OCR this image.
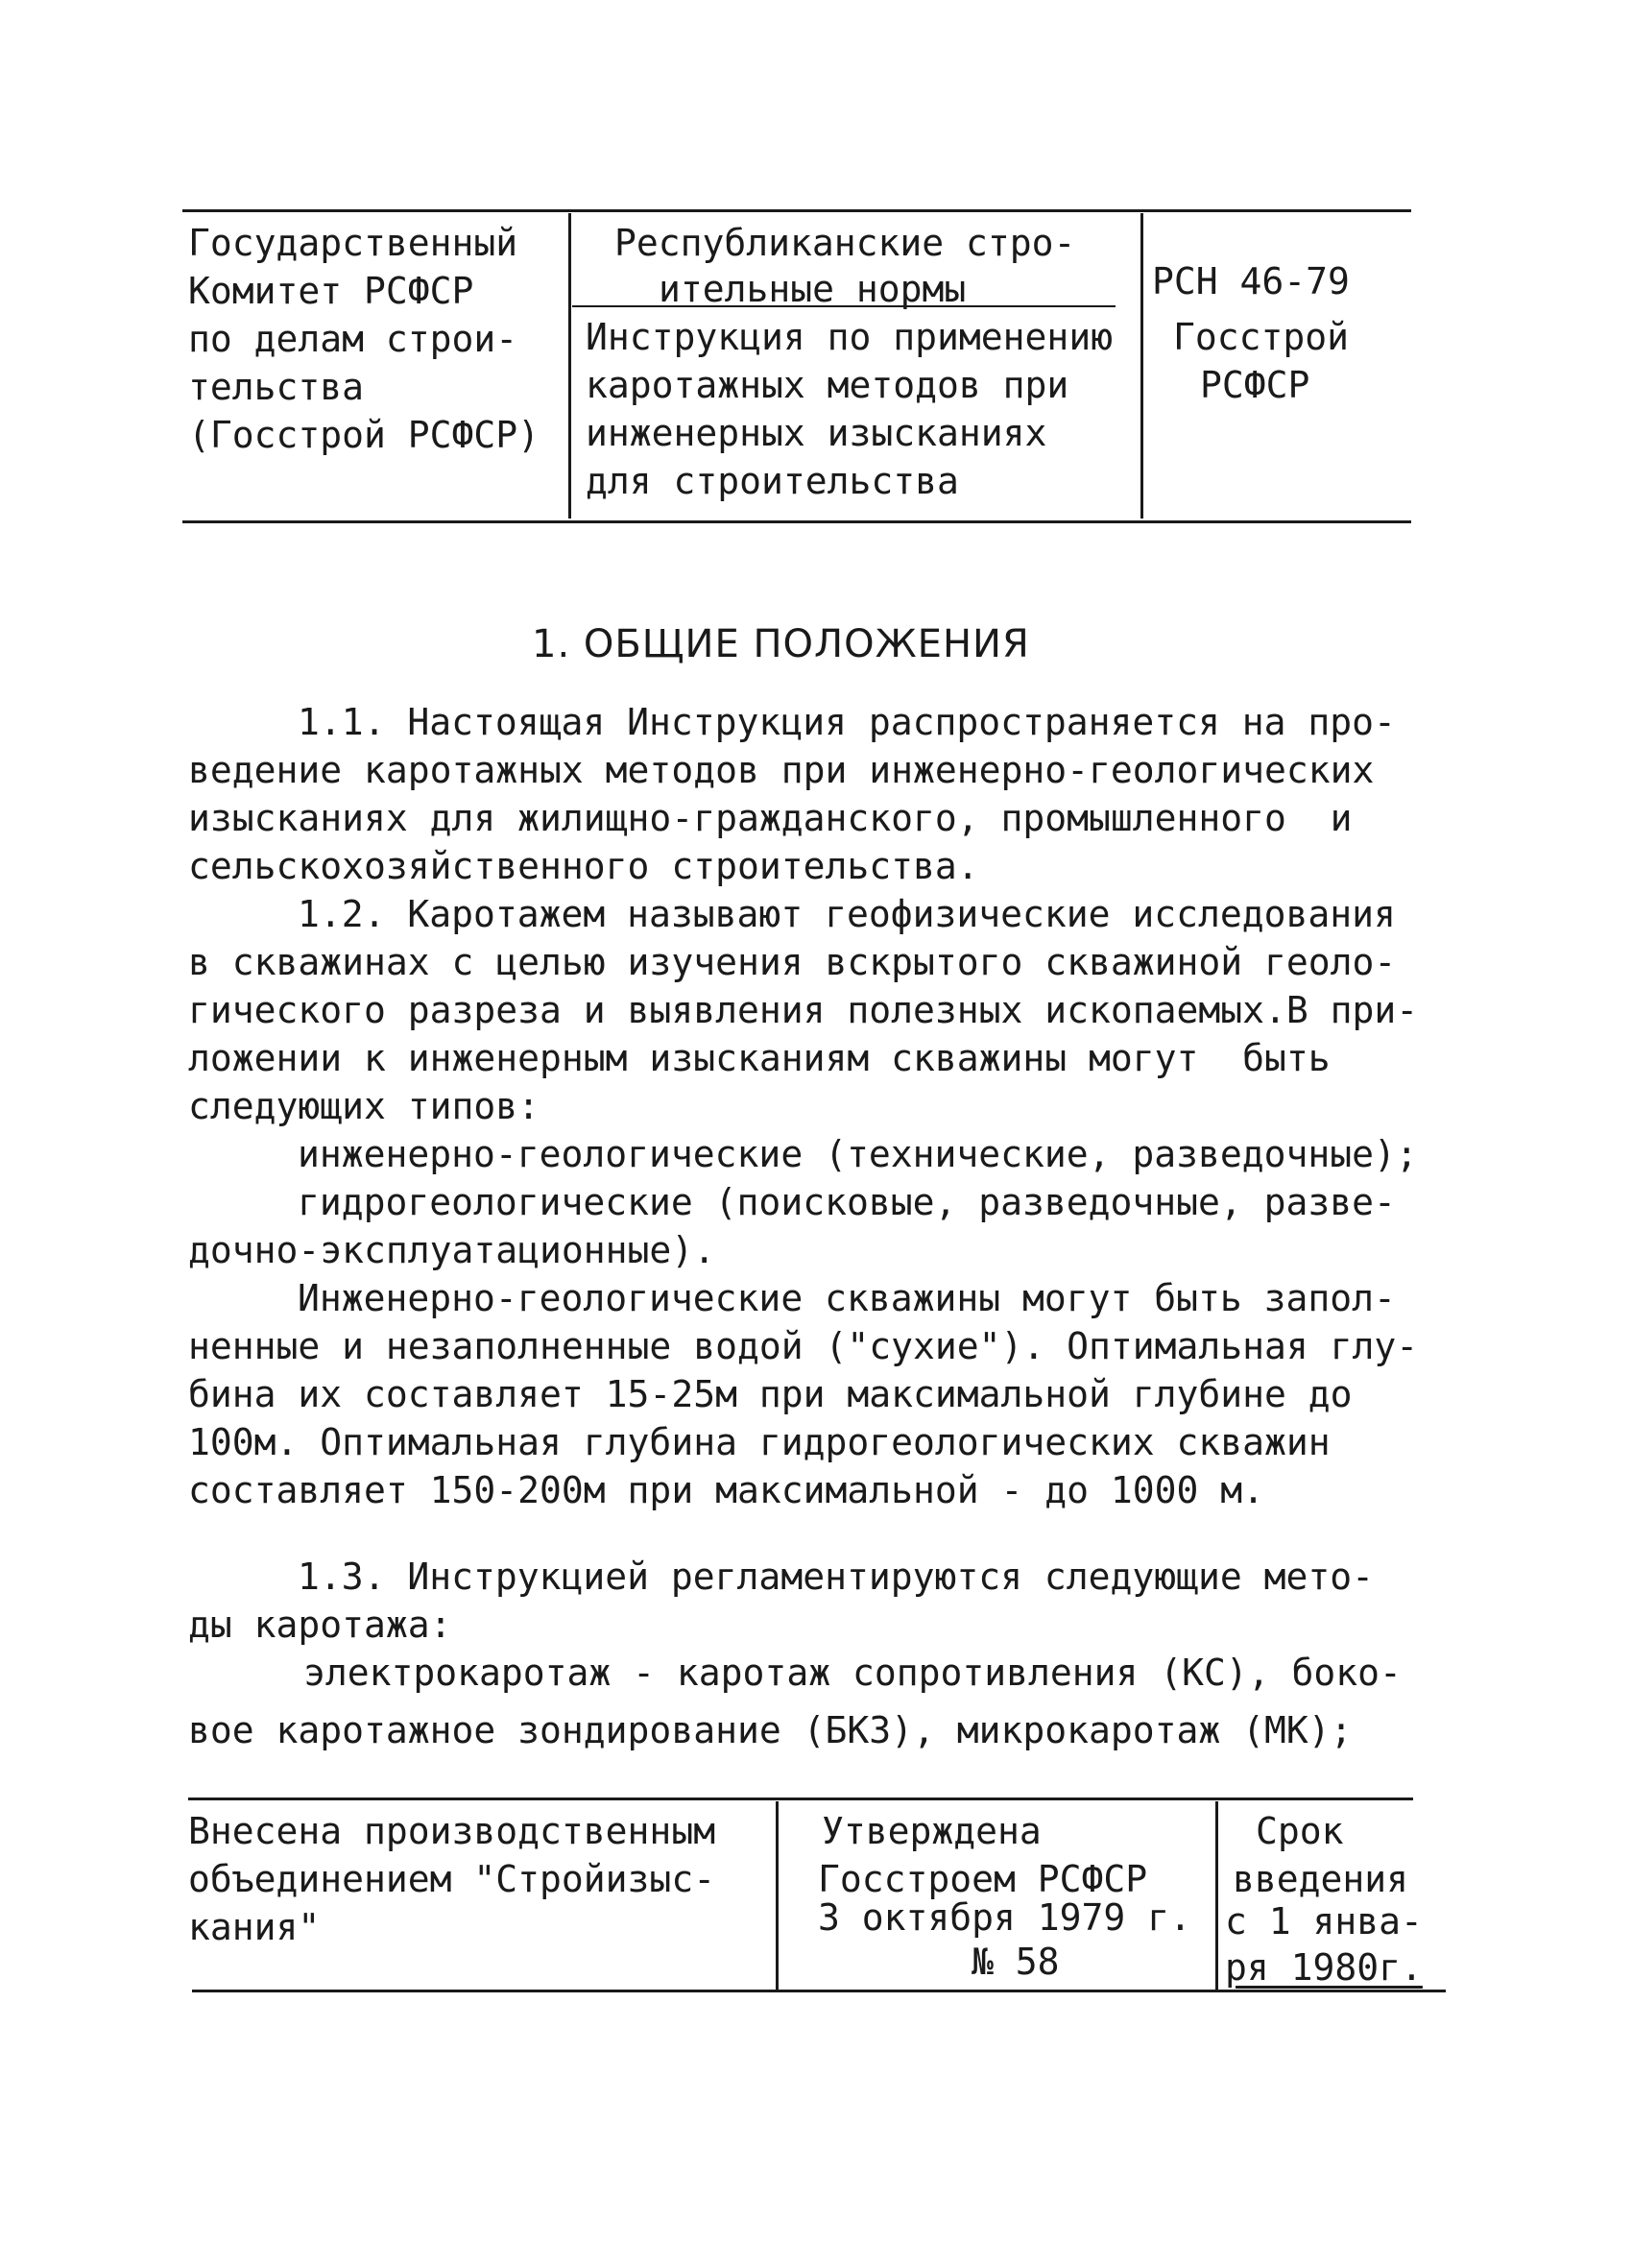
Государственный
Комитет РСФСР
по делам строи-
тельства
(Госстрой РСФСР)
Республиканские стро-
ительные нормы
Инструкция по применению
каротажных методов при
инженерных изысканиях
для строительства
РСН 46-79
Госстрой
РСФСР
1. ОБЩИЕ ПОЛОЖЕНИЯ
1.1. Настоящая Инструкция распространяется на про-
ведение каротажных методов при инженерно-геологических
изысканиях для жилищно-гражданского, промышленного  и
сельскохозяйственного строительства.
1.2. Каротажем называют геофизические исследования
в скважинах с целью изучения вскрытого скважиной геоло-
гического разреза и выявления полезных ископаемых.В при-
ложении к инженерным изысканиям скважины могут  быть
следующих типов:
инженерно-геологические (технические, разведочные);
гидрогеологические (поисковые, разведочные, разве-
дочно-эксплуатационные).
Инженерно-геологические скважины могут быть запол-
ненные и незаполненные водой ("сухие"). Оптимальная глу-
бина их составляет 15-25м при максимальной глубине до
100м. Оптимальная глубина гидрогеологических скважин
составляет 150-200м при максимальной - до 1000 м.
1.3. Инструкцией регламентируются следующие мето-
ды каротажа:
электрокаротаж - каротаж сопротивления (КС), боко-
вое каротажное зондирование (БКЗ), микрокаротаж (МК);
Внесена производственным
объединением "Стройизыс-
кания"
Утверждена
Госстроем РСФСР
3 октября 1979 г.
№ 58
Срок
введения
с 1 янва-
ря 1980г.
